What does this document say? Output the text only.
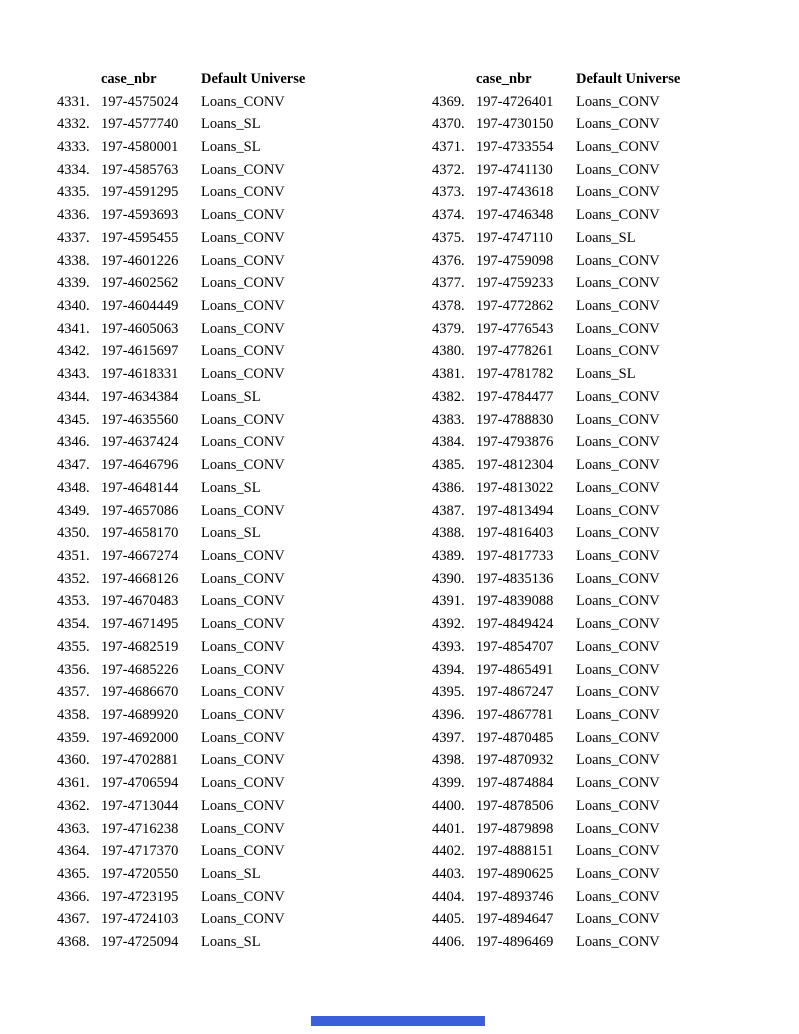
case_nbr	Default Universe
4331. 197-4575024	Loans_CONV
4332. 197-4577740	Loans_SL
4333. 197-4580001	Loans_SL
4334. 197-4585763	Loans_CONV
4335. 197-4591295	Loans_CONV
4336. 197-4593693	Loans_CONV
4337. 197-4595455	Loans_CONV
4338. 197-4601226	Loans_CONV
4339. 197-4602562	Loans_CONV
4340. 197-4604449	Loans_CONV
4341. 197-4605063	Loans_CONV
4342. 197-4615697	Loans_CONV
4343. 197-4618331	Loans_CONV
4344. 197-4634384	Loans_SL
4345. 197-4635560	Loans_CONV
4346. 197-4637424	Loans_CONV
4347. 197-4646796	Loans_CONV
4348. 197-4648144	Loans_SL
4349. 197-4657086	Loans_CONV
4350. 197-4658170	Loans_SL
4351. 197-4667274	Loans_CONV
4352. 197-4668126	Loans_CONV
4353. 197-4670483	Loans_CONV
4354. 197-4671495	Loans_CONV
4355. 197-4682519	Loans_CONV
4356. 197-4685226	Loans_CONV
4357. 197-4686670	Loans_CONV
4358. 197-4689920	Loans_CONV
4359. 197-4692000	Loans_CONV
4360. 197-4702881	Loans_CONV
4361. 197-4706594	Loans_CONV
4362. 197-4713044	Loans_CONV
4363. 197-4716238	Loans_CONV
4364. 197-4717370	Loans_CONV
4365. 197-4720550	Loans_SL
4366. 197-4723195	Loans_CONV
4367. 197-4724103	Loans_CONV
4368. 197-4725094	Loans_SL
case_nbr	Default Universe
4369. 197-4726401	Loans_CONV
4370. 197-4730150	Loans_CONV
4371. 197-4733554	Loans_CONV
4372. 197-4741130	Loans_CONV
4373. 197-4743618	Loans_CONV
4374. 197-4746348	Loans_CONV
4375. 197-4747110	Loans_SL
4376. 197-4759098	Loans_CONV
4377. 197-4759233	Loans_CONV
4378. 197-4772862	Loans_CONV
4379. 197-4776543	Loans_CONV
4380. 197-4778261	Loans_CONV
4381. 197-4781782	Loans_SL
4382. 197-4784477	Loans_CONV
4383. 197-4788830	Loans_CONV
4384. 197-4793876	Loans_CONV
4385. 197-4812304	Loans_CONV
4386. 197-4813022	Loans_CONV
4387. 197-4813494	Loans_CONV
4388. 197-4816403	Loans_CONV
4389. 197-4817733	Loans_CONV
4390. 197-4835136	Loans_CONV
4391. 197-4839088	Loans_CONV
4392. 197-4849424	Loans_CONV
4393. 197-4854707	Loans_CONV
4394. 197-4865491	Loans_CONV
4395. 197-4867247	Loans_CONV
4396. 197-4867781	Loans_CONV
4397. 197-4870485	Loans_CONV
4398. 197-4870932	Loans_CONV
4399. 197-4874884	Loans_CONV
4400. 197-4878506	Loans_CONV
4401. 197-4879898	Loans_CONV
4402. 197-4888151	Loans_CONV
4403. 197-4890625	Loans_CONV
4404. 197-4893746	Loans_CONV
4405. 197-4894647	Loans_CONV
4406. 197-4896469	Loans_CONV
